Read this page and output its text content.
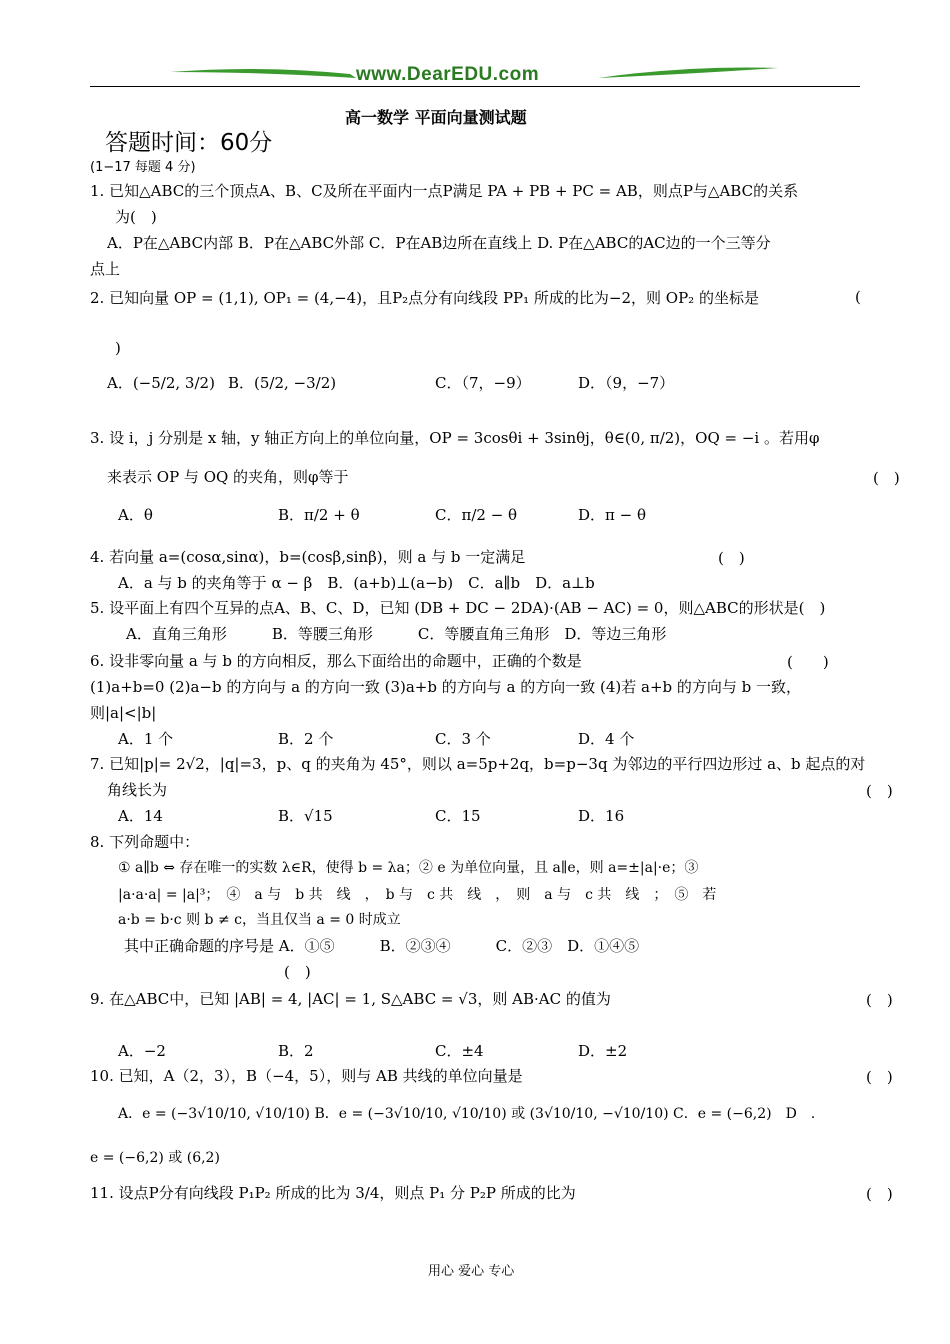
www.DearEDU.com
高一数学 平面向量测试题
答题时间：60分
(1−17 每题 4 分)
1. 已知△ABC的三个顶点A、B、C及所在平面内一点P满足 PA + PB + PC = AB，则点P与△ABC的关系
为(　)
A．P在△ABC内部 B．P在△ABC外部 C．P在AB边所在直线上 D. P在△ABC的AC边的一个三等分
点上
2. 已知向量 OP = (1,1), OP₁ = (4,−4)，且P₂点分有向线段 PP₁ 所成的比为−2，则 OP₂ 的坐标是	(
)
A．(−5/2, 3/2) B．(5/2, −3/2)	C．（7，−9）	D．（9，−7）
3. 设 i，j 分别是 x 轴，y 轴正方向上的单位向量，OP = 3cosθi + 3sinθj，θ∈(0, π/2)，OQ = −i 。若用φ
来表示 OP 与 OQ 的夹角，则φ等于	(　)
A．θ	B．π/2 + θ	C．π/2 − θ	D．π − θ
4. 若向量 a=(cosα,sinα)，b=(cosβ,sinβ)，则 a 与 b 一定满足	(　)
A．a 与 b 的夹角等于 α − β　B．(a+b)⊥(a−b)　C．a∥b　D．a⊥b
5. 设平面上有四个互异的点A、B、C、D，已知 (DB + DC − 2DA)·(AB − AC) = 0，则△ABC的形状是(　)
A．直角三角形　　　B．等腰三角形　　　C．等腰直角三角形　D．等边三角形
6. 设非零向量 a 与 b 的方向相反，那么下面给出的命题中，正确的个数是	(　　)
(1)a+b=0 (2)a−b 的方向与 a 的方向一致 (3)a+b 的方向与 a 的方向一致 (4)若 a+b 的方向与 b 一致，
则|a|<|b|
A．1 个	B．2 个	C．3 个	D．4 个
7. 已知|p|= 2√2，|q|=3，p、q 的夹角为 45°，则以 a=5p+2q，b=p−3q 为邻边的平行四边形过 a、b 起点的对
角线长为	(　)
A．14	B．√15	C．15	D．16
8. 下列命题中：
① a∥b ⇔ 存在唯一的实数 λ∈R，使得 b = λa；② e 为单位向量，且 a∥e，则 a=±|a|·e；③
|a·a·a| = |a|³；　④　a 与　b 共　线　，　b 与　c 共　线　，　则　a 与　c 共　线　；　⑤　若
a·b = b·c 则 b ≠ c，当且仅当 a = 0 时成立
其中正确命题的序号是 A．①⑤　　　B．②③④　　　C．②③　D．①④⑤
(　)
9. 在△ABC中，已知 |AB| = 4, |AC| = 1, S△ABC = √3，则 AB·AC 的值为	(　)
A．−2	B．2	C．±4	D．±2
10. 已知，A（2，3），B（−4，5），则与 AB 共线的单位向量是	(　)
A．e = (−3√10/10, √10/10) B．e = (−3√10/10, √10/10) 或 (3√10/10, −√10/10) C．e = (−6,2)　D　.
e = (−6,2) 或 (6,2)
11. 设点P分有向线段 P₁P₂ 所成的比为 3/4，则点 P₁ 分 P₂P 所成的比为	(　)
用心 爱心 专心
